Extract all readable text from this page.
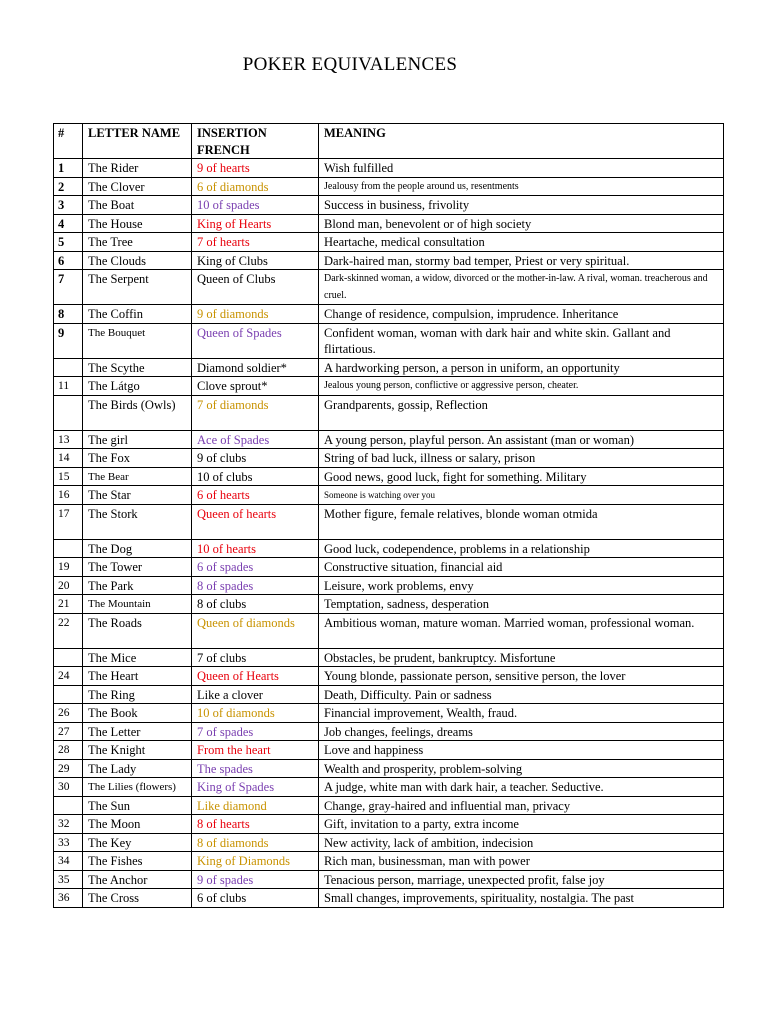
POKER EQUIVALENCES
#	LETTER NAME	INSERTION FRENCH	MEANING
1	The Rider	9 of hearts	Wish fulfilled
2	The Clover	6 of diamonds	Jealousy from the people around us, resentments
3	The Boat	10 of spades	Success in business, frivolity
4	The House	King of Hearts	Blond man, benevolent or of high society
5	The Tree	7 of hearts	Heartache, medical consultation
6	The Clouds	King of Clubs	Dark-haired man, stormy bad temper, Priest or very spiritual.
7	The Serpent	Queen of Clubs	Dark-skinned woman, a widow, divorced or the mother-in-law. A rival, woman. treacherous and cruel.
8	The Coffin	9 of diamonds	Change of residence, compulsion, imprudence. Inheritance
9	The Bouquet	Queen of Spades	Confident woman, woman with dark hair and white skin. Gallant and flirtatious.
	The Scythe	Diamond soldier*	A hardworking person, a person in uniform, an opportunity
11	The Látgo	Clove sprout*	Jealous young person, conflictive or aggressive person, cheater.
	The Birds (Owls)	7 of diamonds	Grandparents, gossip, Reflection
13	The girl	Ace of Spades	A young person, playful person. An assistant (man or woman)
14	The Fox	9 of clubs	String of bad luck, illness or salary, prison
15	The Bear	10 of clubs	Good news, good luck, fight for something. Military
16	The Star	6 of hearts	Someone is watching over you
17	The Stork	Queen of hearts	Mother figure, female relatives, blonde woman otmida
	The Dog	10 of hearts	Good luck, codependence, problems in a relationship
19	The Tower	6 of spades	Constructive situation, financial aid
20	The Park	8 of spades	Leisure, work problems, envy
21	The Mountain	8 of clubs	Temptation, sadness, desperation
22	The Roads	Queen of diamonds	Ambitious woman, mature woman. Married woman, professional woman.
	The Mice	7 of clubs	Obstacles, be prudent, bankruptcy. Misfortune
24	The Heart	Queen of Hearts	Young blonde, passionate person, sensitive person, the lover
	The Ring	Like a clover	Death, Difficulty. Pain or sadness
26	The Book	10 of diamonds	Financial improvement, Wealth, fraud.
27	The Letter	7 of spades	Job changes, feelings, dreams
28	The Knight	From the heart	Love and happiness
29	The Lady	The spades	Wealth and prosperity, problem-solving
30	The Lilies (flowers)	King of Spades	A judge, white man with dark hair, a teacher. Seductive.
	The Sun	Like diamond	Change, gray-haired and influential man, privacy
32	The Moon	8 of hearts	Gift, invitation to a party, extra income
33	The Key	8 of diamonds	New activity, lack of ambition, indecision
34	The Fishes	King of Diamonds	Rich man, businessman, man with power
35	The Anchor	9 of spades	Tenacious person, marriage, unexpected profit, false joy
36	The Cross	6 of clubs	Small changes, improvements, spirituality, nostalgia. The past
